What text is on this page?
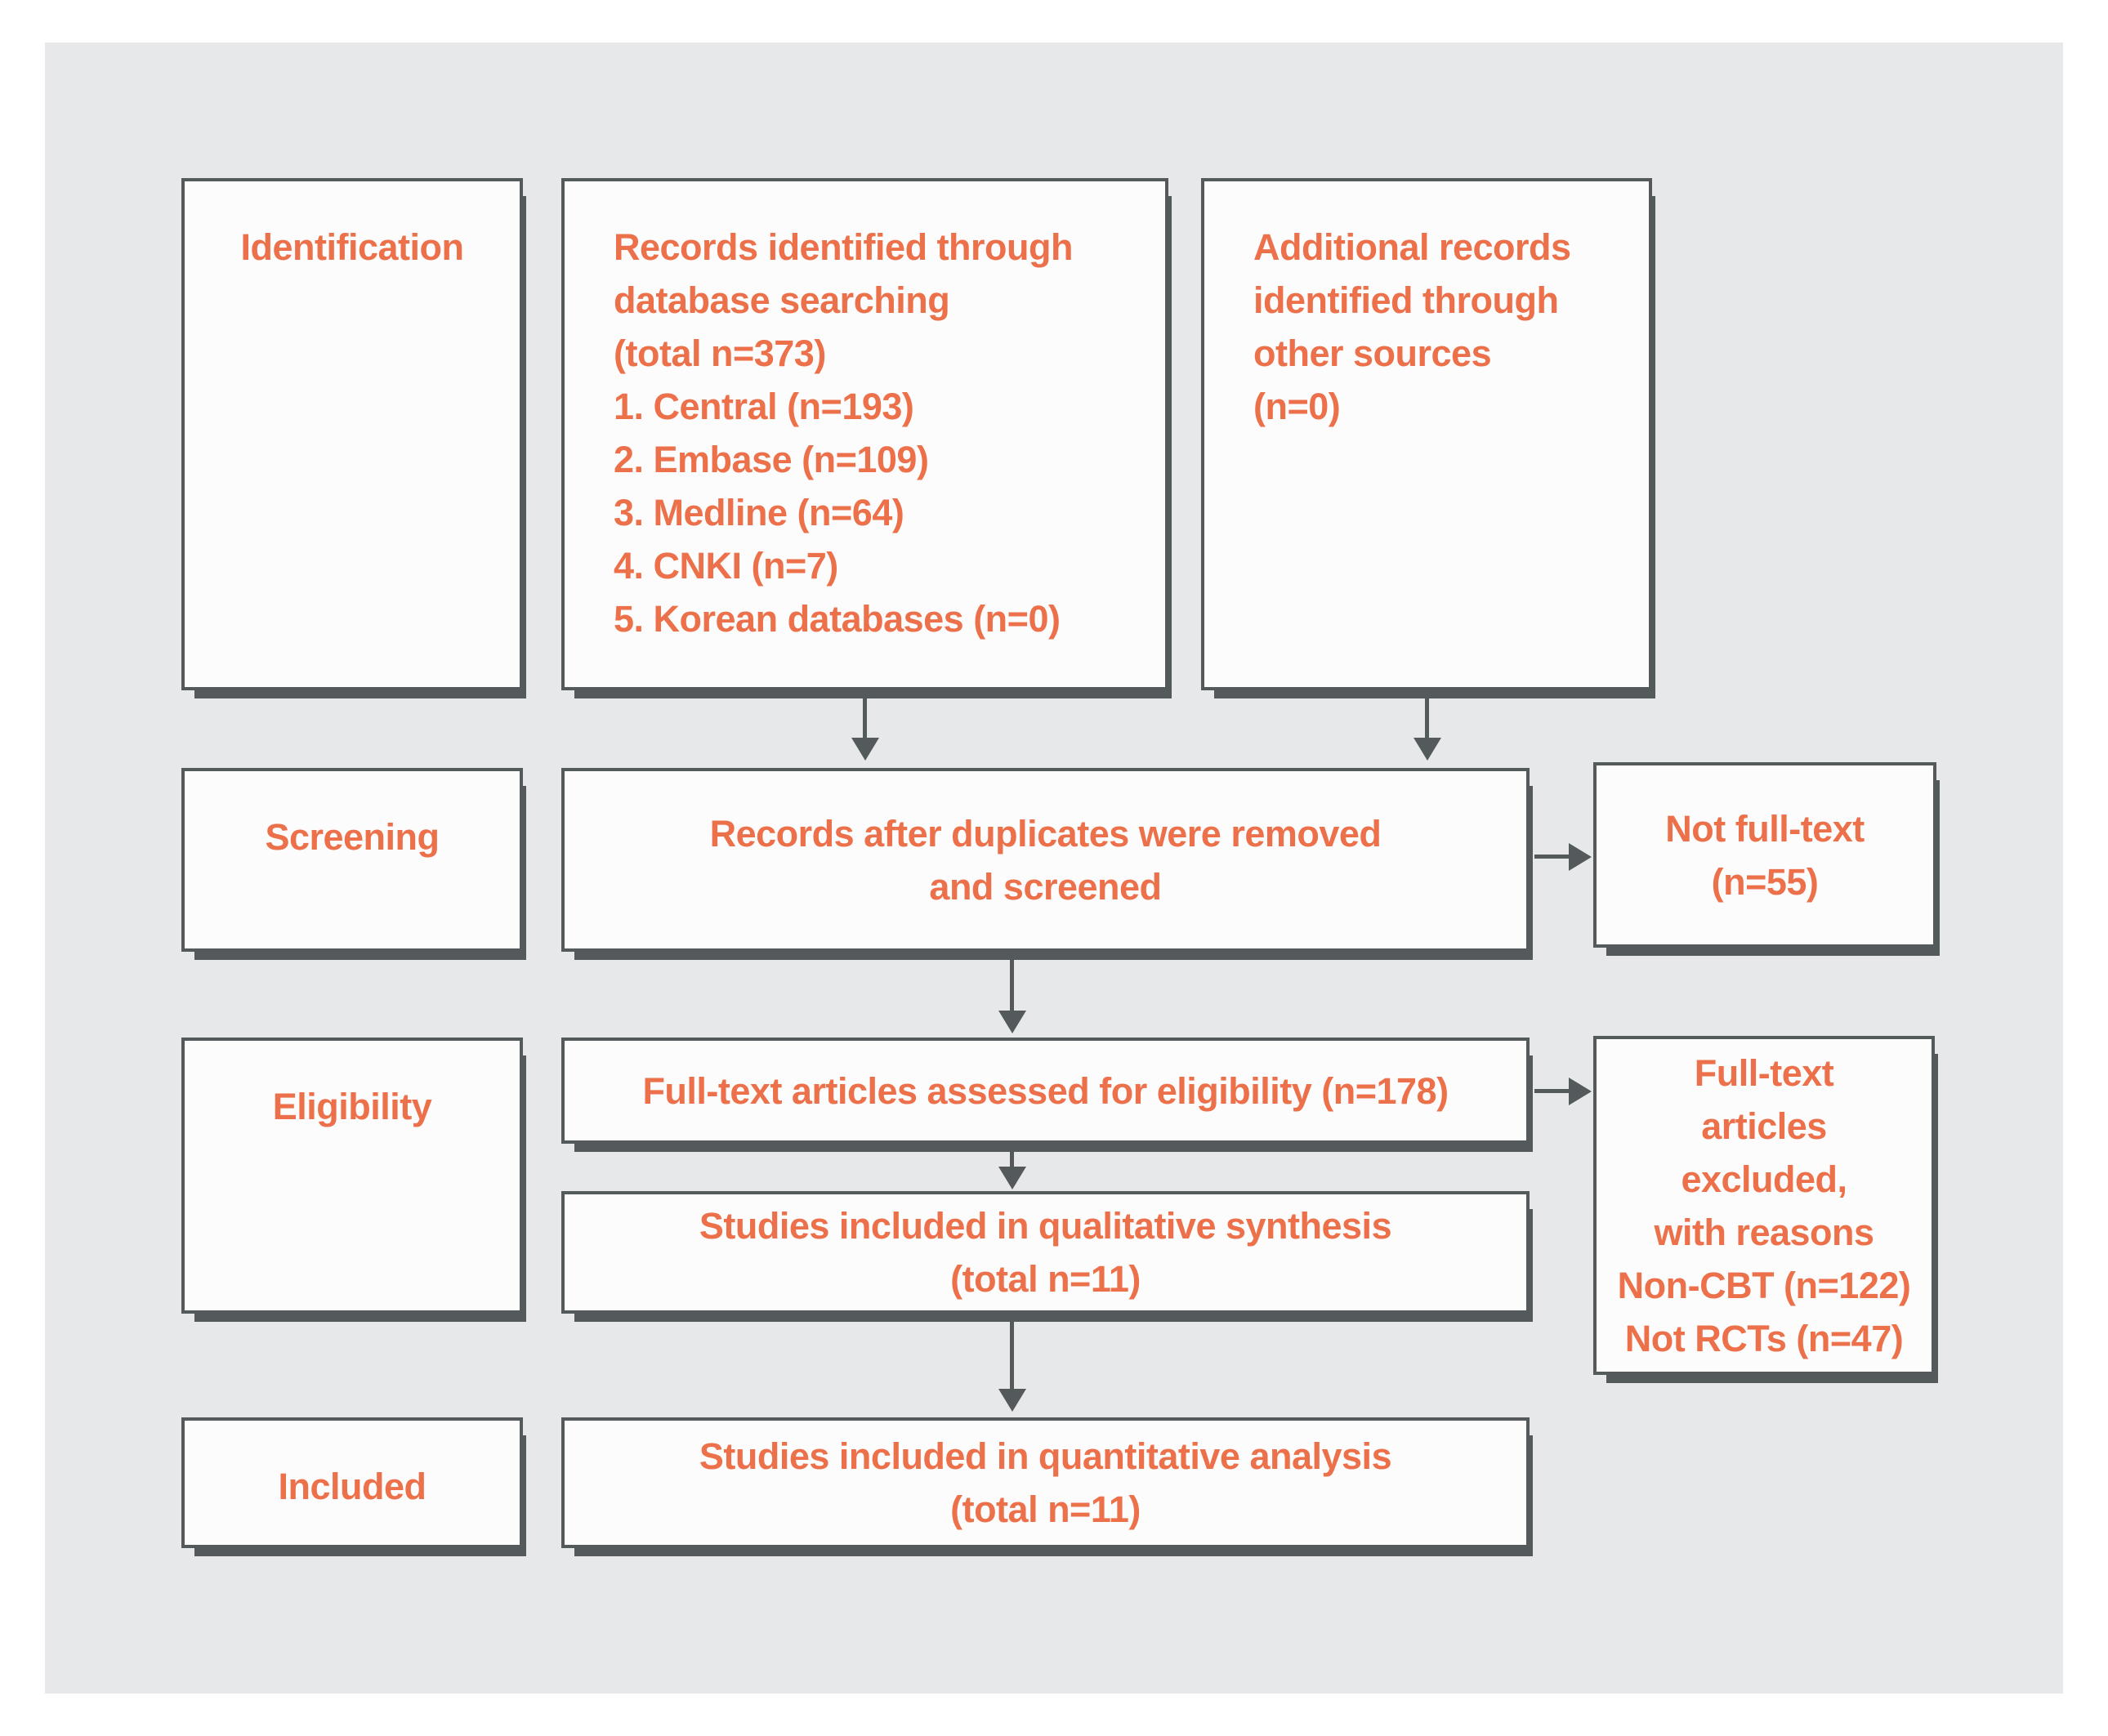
Identification
Screening
Eligibility
Included
Records identified through
database searching
(total n=373)
1. Central (n=193)
2. Embase (n=109)
3. Medline (n=64)
4. CNKI (n=7)
5. Korean databases (n=0)
Additional records
identified through
other sources
(n=0)
Records after duplicates were removed
and screened
Not full-text
(n=55)
Full-text articles assessed for eligibility (n=178)
Studies included in qualitative synthesis
(total n=11)
Full-text
articles
excluded,
with reasons
Non-CBT (n=122)
Not RCTs (n=47)
Studies included in quantitative analysis
(total n=11)
